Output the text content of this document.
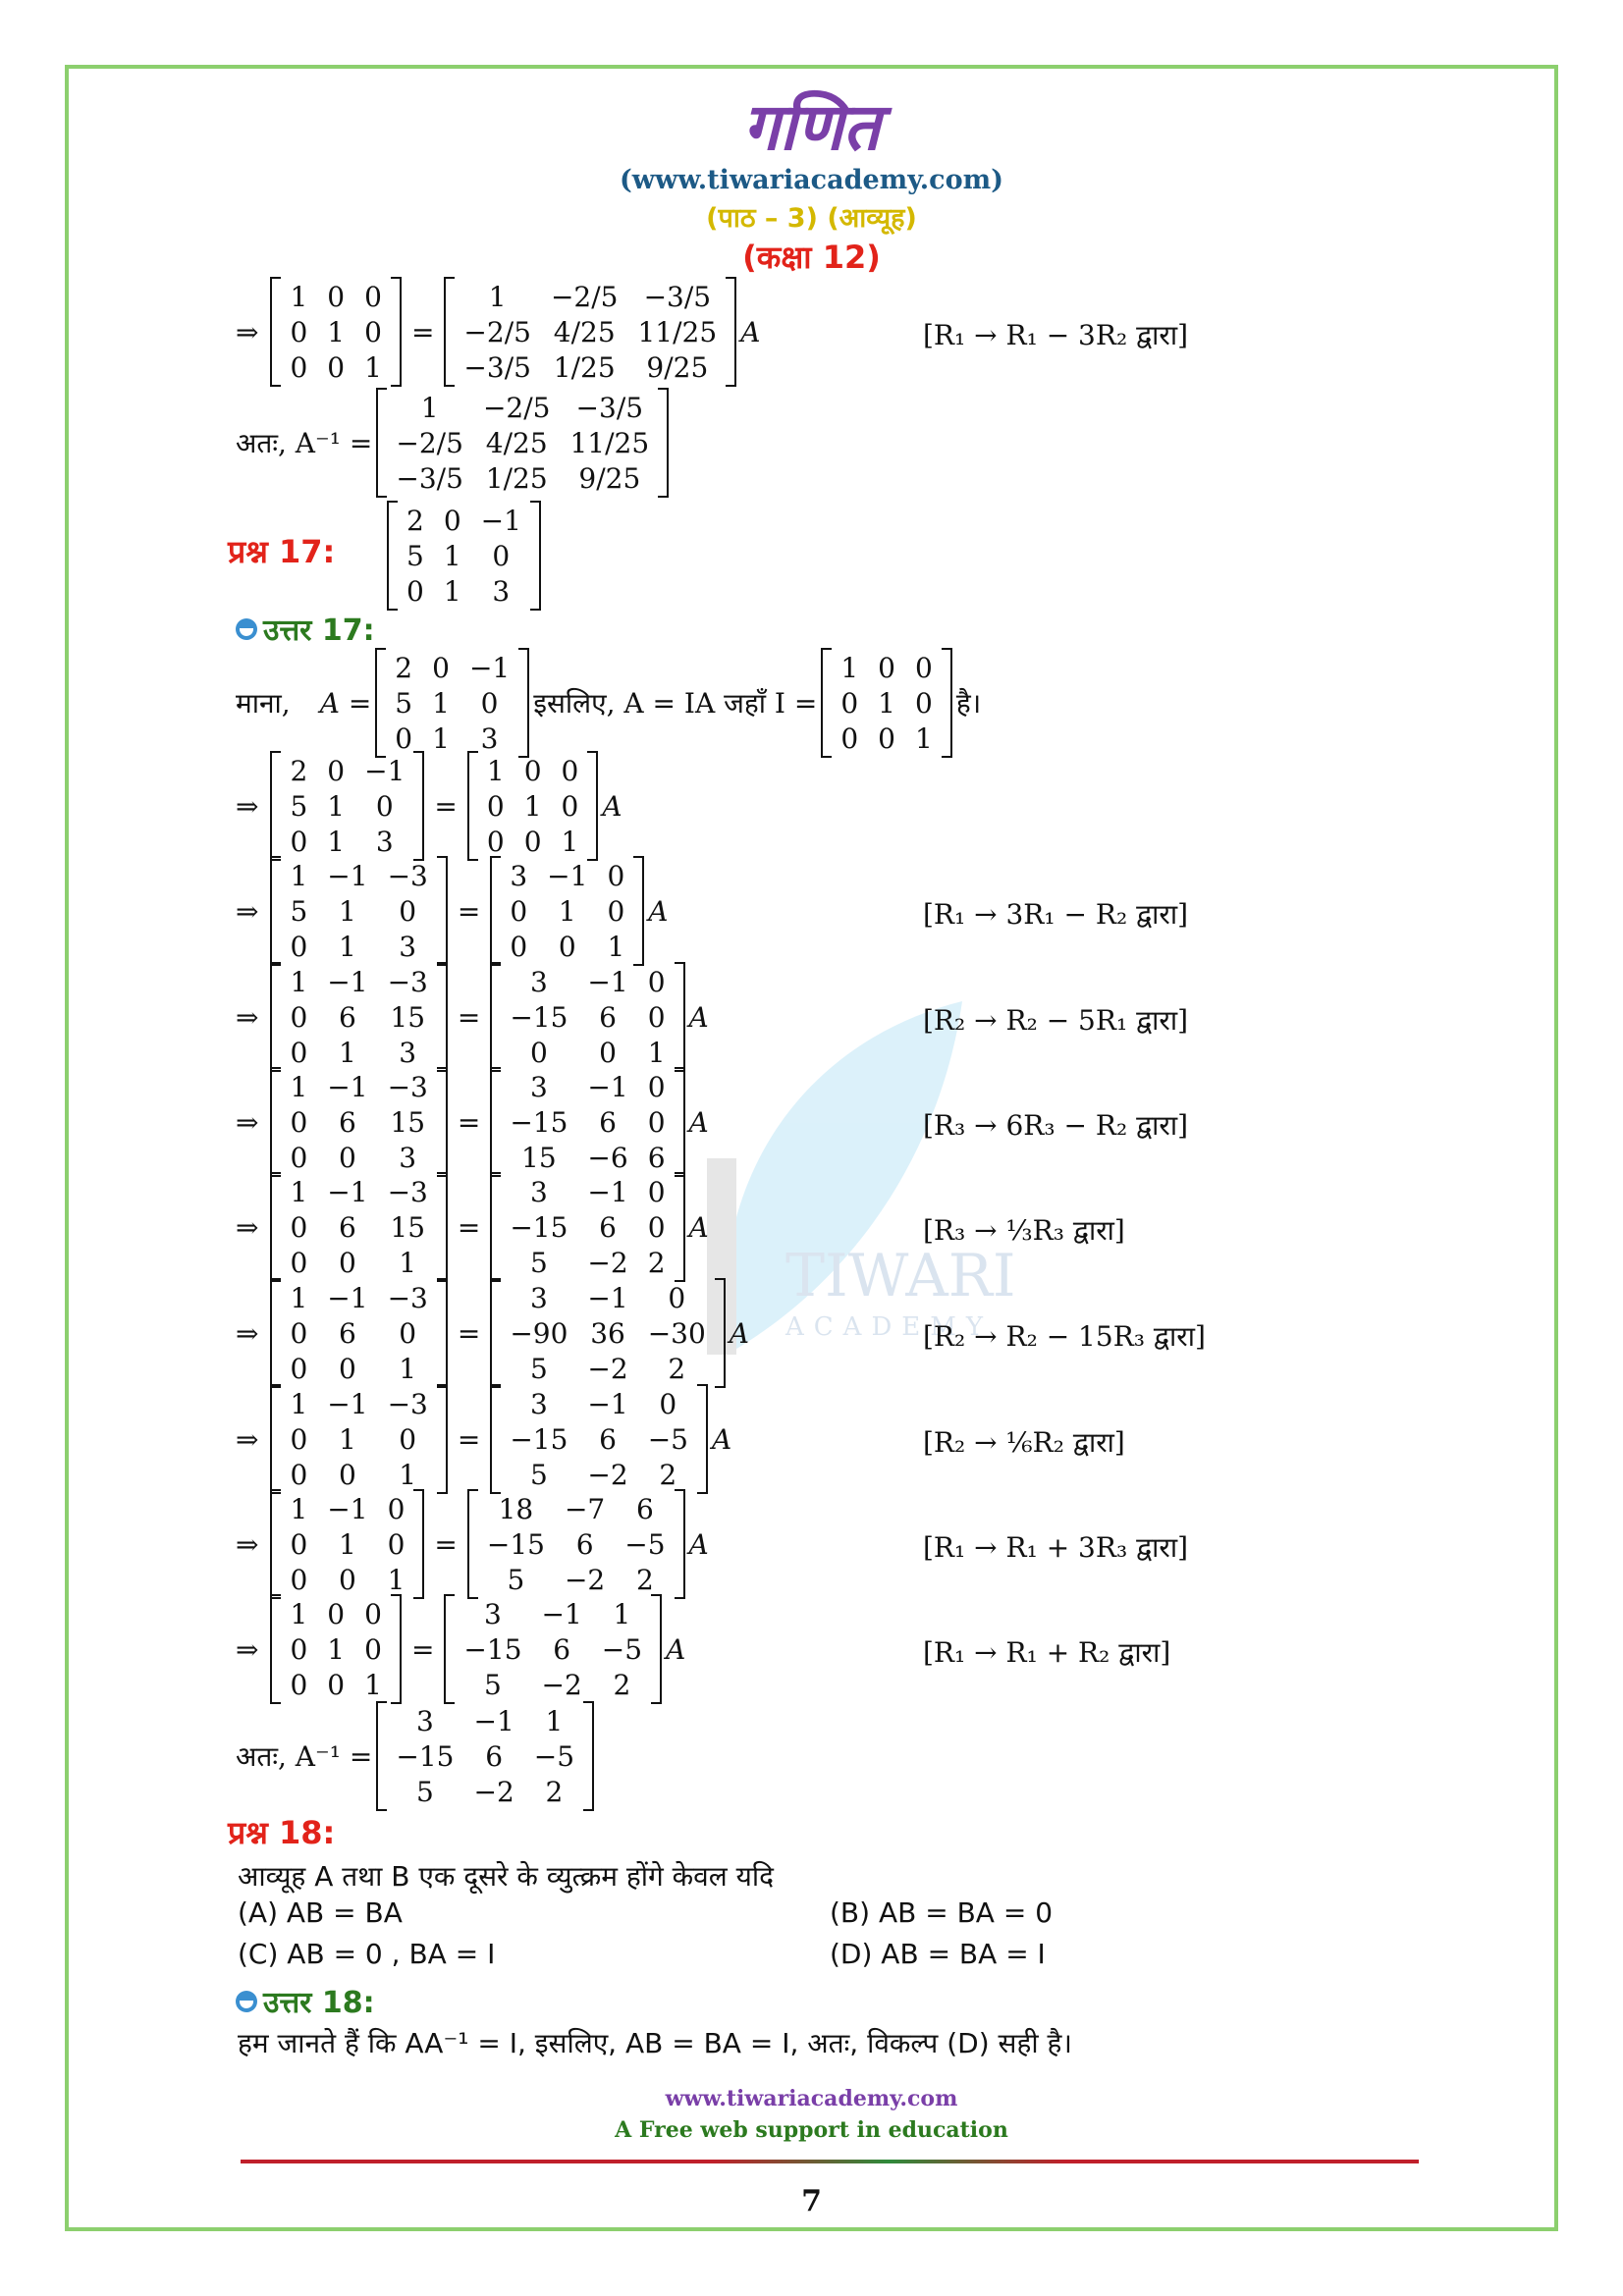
गणित
(www.tiwariacademy.com)
(पाठ – 3) (आव्यूह)
(कक्षा 12)
TIWARI
ACADEMY
⇒
1	0	0
0	1	0
0	0	1
=
1	−2/5	−3/5
−2/5	4/25	11/25
−3/5	1/25	9/25
A	[R₁ → R₁ − 3R₂ द्वारा]
अतः, A⁻¹ =
1	−2/5	−3/5
−2/5	4/25	11/25
−3/5	1/25	9/25
प्रश्न 17:
2	0	−1
5	1	0
0	1	3
उत्तर 17:
माना, A =
2	0	−1
5	1	0
0	1	3
इसलिए, A = IA जहाँ I =
1	0	0
0	1	0
0	0	1
है।
⇒
2	0	−1
5	1	0
0	1	3
=
1	0	0
0	1	0
0	0	1
A
⇒
1	−1	−3
5	1	0
0	1	3
=
3	−1	0
0	1	0
0	0	1
A	[R₁ → 3R₁ − R₂ द्वारा]
⇒
1	−1	−3
0	6	15
0	1	3
=
3	−1	0
−15	6	0
0	0	1
A	[R₂ → R₂ − 5R₁ द्वारा]
⇒
1	−1	−3
0	6	15
0	0	3
=
3	−1	0
−15	6	0
15	−6	6
A	[R₃ → 6R₃ − R₂ द्वारा]
⇒
1	−1	−3
0	6	15
0	0	1
=
3	−1	0
−15	6	0
5	−2	2
A	[R₃ → ⅓R₃ द्वारा]
⇒
1	−1	−3
0	6	0
0	0	1
=
3	−1	0
−90	36	−30
5	−2	2
A	[R₂ → R₂ − 15R₃ द्वारा]
⇒
1	−1	−3
0	1	0
0	0	1
=
3	−1	0
−15	6	−5
5	−2	2
A	[R₂ → ⅙R₂ द्वारा]
⇒
1	−1	0
0	1	0
0	0	1
=
18	−7	6
−15	6	−5
5	−2	2
A	[R₁ → R₁ + 3R₃ द्वारा]
⇒
1	0	0
0	1	0
0	0	1
=
3	−1	1
−15	6	−5
5	−2	2
A	[R₁ → R₁ + R₂ द्वारा]
अतः, A⁻¹ =
3	−1	1
−15	6	−5
5	−2	2
प्रश्न 18:
आव्यूह A तथा B एक दूसरे के व्युत्क्रम होंगे केवल यदि
(A) AB = BA	(B) AB = BA = 0
(C) AB = 0 , BA = I	(D) AB = BA = I
उत्तर 18:
हम जानते हैं कि AA⁻¹ = I, इसलिए, AB = BA = I, अतः, विकल्प (D) सही है।
www.tiwariacademy.com
A Free web support in education
7
